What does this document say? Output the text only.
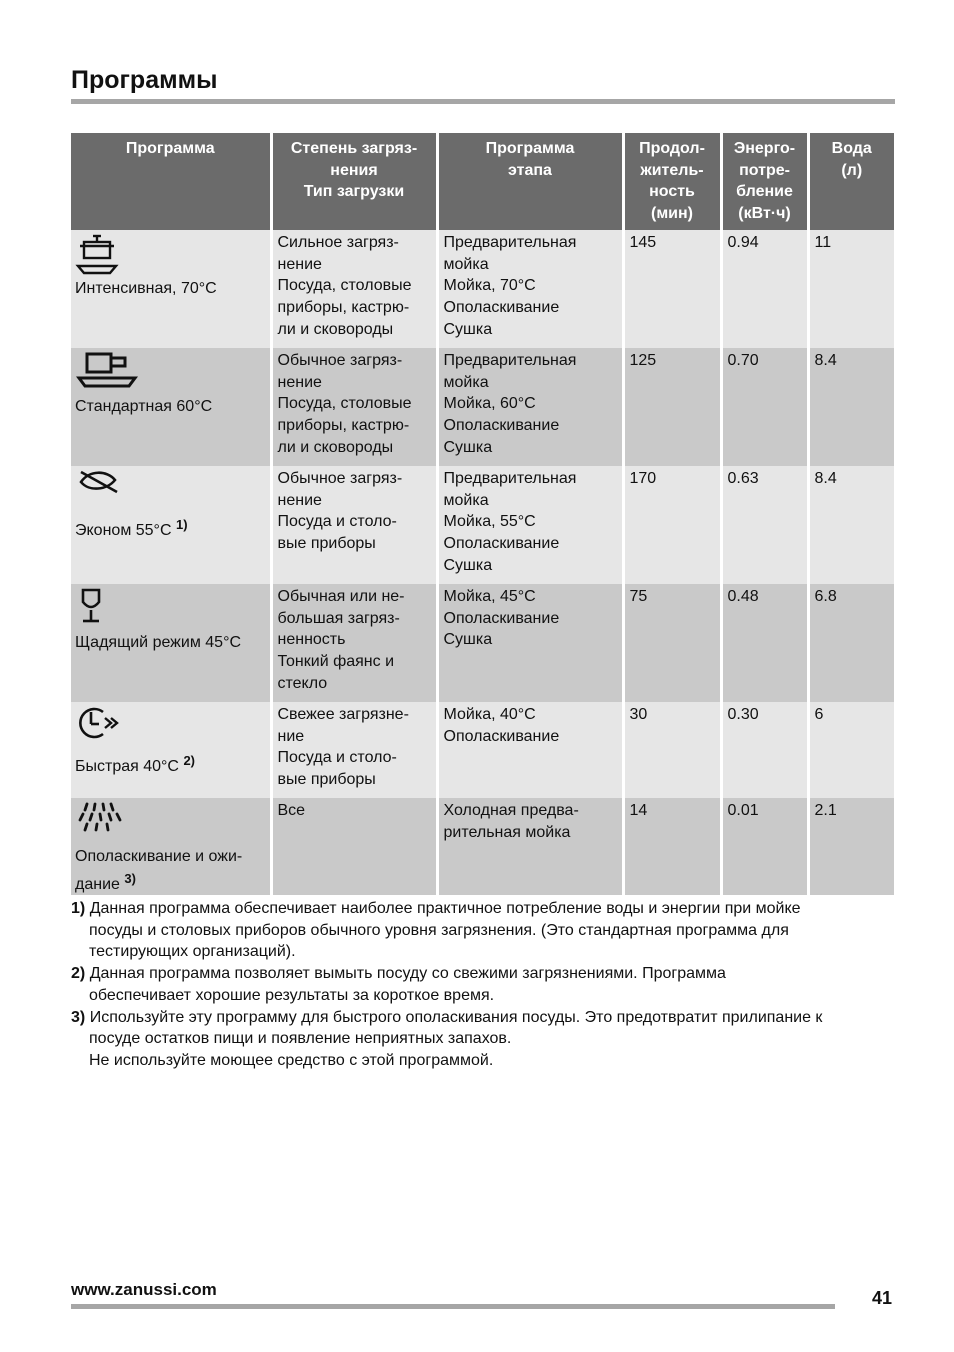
Программы
Программа	Степень загряз-
нения
Тип загрузки	Программа
этапа	Продол-
житель-
ность
(мин)	Энерго-
потре-
бление
(кВт·ч)	Вода
(л)

Интенсивная, 70°C	Сильное загряз-
нение
Посуда, столовые
приборы, кастрю-
ли и сковороды	Предварительная
мойка
Мойка, 70°C
Ополаскивание
Сушка	145	0.94	11

Стандартная 60°C	Обычное загряз-
нение
Посуда, столовые
приборы, кастрю-
ли и сковороды	Предварительная
мойка
Мойка, 60°C
Ополаскивание
Сушка	125	0.70	8.4

Эконом 55°C $^{1)}$	Обычное загряз-
нение
Посуда и столо-
вые приборы	Предварительная
мойка
Мойка, 55°C
Ополаскивание
Сушка	170	0.63	8.4

Щадящий режим 45°C	Обычная или не-
большая загряз-
ненность
Тонкий фаянс и
стекло	Мойка, 45°C
Ополаскивание
Сушка	75	0.48	6.8

Быстрая 40°C $^{2)}$	Свежее загрязне-
ние
Посуда и столо-
вые приборы	Мойка, 40°C
Ополаскивание	30	0.30	6

Ополаскивание и ожи-
дание $^{3)}$	Все	Холодная предва-
рительная мойка	14	0.01	2.1

1) Данная программа обеспечивает наиболее практичное потребление воды и энергии при мойке
посуды и столовых приборов обычного уровня загрязнения. (Это стандартная программа для
тестирующих организаций).

2) Данная программа позволяет вымыть посуду со свежими загрязнениями. Программа
обеспечивает хорошие результаты за короткое время.

3) Используйте эту программу для быстрого ополаскивания посуды. Это предотвратит прилипание к
посуде остатков пищи и появление неприятных запахов.
Не используйте моющее средство с этой программой.

www.zanussi.com	41
